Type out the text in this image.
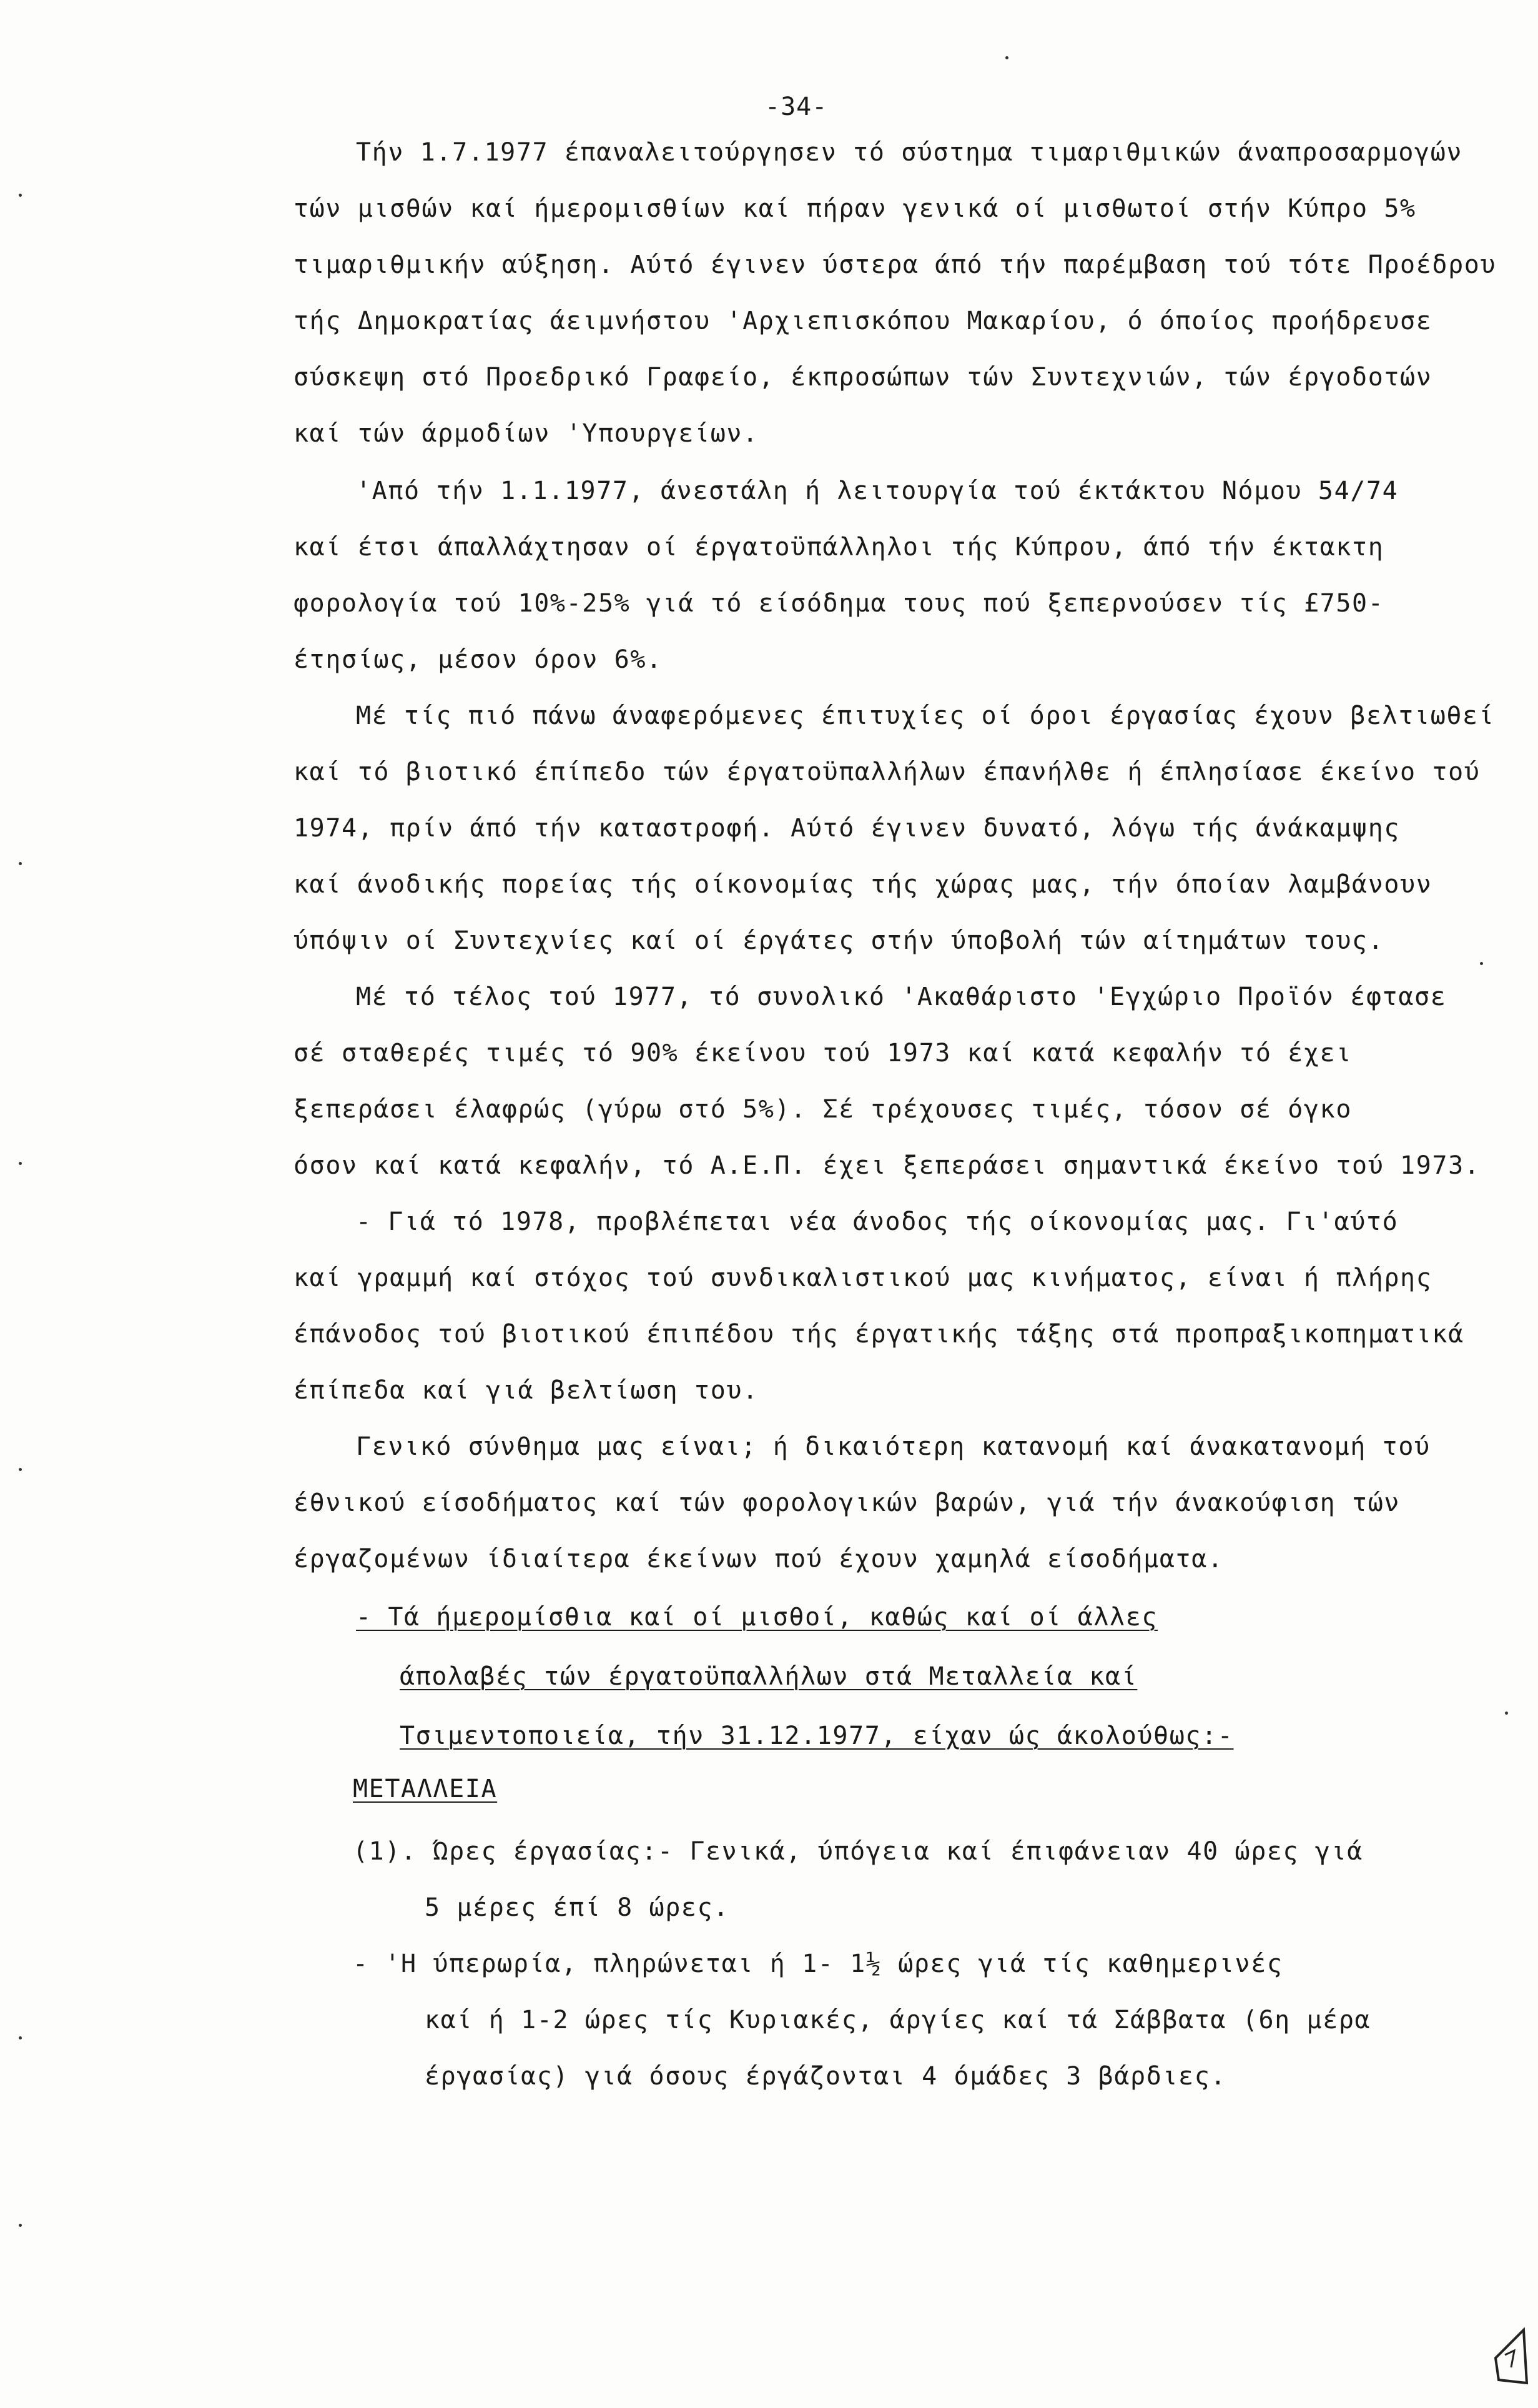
-34-
Τήν 1.7.1977 έπαναλειτούργησεν τό σύστημα τιμαριθμικών άναπροσαρμογών
τών μισθών καί ήμερομισθίων καί πήραν γενικά οί μισθωτοί στήν Κύπρο 5%
τιμαριθμικήν αύξηση. Αύτό έγινεν ύστερα άπό τήν παρέμβαση τού τότε Προέδρου
τής Δημοκρατίας άειμνήστου 'Αρχιεπισκόπου Μακαρίου, ό όποίος προήδρευσε
σύσκεψη στό Προεδρικό Γραφείο, έκπροσώπων τών Συντεχνιών, τών έργοδοτών
καί τών άρμοδίων 'Υπουργείων.
'Από τήν 1.1.1977, άνεστάλη ή λειτουργία τού έκτάκτου Νόμου 54/74
καί έτσι άπαλλάχτησαν οί έργατοϋπάλληλοι τής Κύπρου, άπό τήν έκτακτη
φορολογία τού 10%-25% γιά τό είσόδημα τους πού ξεπερνούσεν τίς £750-
έτησίως, μέσον όρον 6%.
Μέ τίς πιό πάνω άναφερόμενες έπιτυχίες οί όροι έργασίας έχουν βελτιωθεί
καί τό βιοτικό έπίπεδο τών έργατοϋπαλλήλων έπανήλθε ή έπλησίασε έκείνο τού
1974, πρίν άπό τήν καταστροφή. Αύτό έγινεν δυνατό, λόγω τής άνάκαμψης
καί άνοδικής πορείας τής οίκονομίας τής χώρας μας, τήν όποίαν λαμβάνουν
ύπόψιν οί Συντεχνίες καί οί έργάτες στήν ύποβολή τών αίτημάτων τους.
Μέ τό τέλος τού 1977, τό συνολικό 'Ακαθάριστο 'Εγχώριο Προϊόν έφτασε
σέ σταθερές τιμές τό 90% έκείνου τού 1973 καί κατά κεφαλήν τό έχει
ξεπεράσει έλαφρώς (γύρω στό 5%). Σέ τρέχουσες τιμές, τόσον σέ όγκο
όσον καί κατά κεφαλήν, τό Α.Ε.Π. έχει ξεπεράσει σημαντικά έκείνο τού 1973.
- Γιά τό 1978, προβλέπεται νέα άνοδος τής οίκονομίας μας. Γι'αύτό
καί γραμμή καί στόχος τού συνδικαλιστικού μας κινήματος, είναι ή πλήρης
έπάνοδος τού βιοτικού έπιπέδου τής έργατικής τάξης στά προπραξικοπηματικά
έπίπεδα καί γιά βελτίωση του.
Γενικό σύνθημα μας είναι; ή δικαιότερη κατανομή καί άνακατανομή τού
έθνικού είσοδήματος καί τών φορολογικών βαρών, γιά τήν άνακούφιση τών
έργαζομένων ίδιαίτερα έκείνων πού έχουν χαμηλά είσοδήματα.
- Τά ήμερομίσθια καί οί μισθοί, καθώς καί οί άλλες
άπολαβές τών έργατοϋπαλλήλων στά Μεταλλεία καί
Τσιμεντοποιεία, τήν 31.12.1977, είχαν ώς άκολούθως:-
ΜΕΤΑΛΛΕΙΑ
(1). Ώρες έργασίας:- Γενικά, ύπόγεια καί έπιφάνειαν 40 ώρες γιά
5 μέρες έπί 8 ώρες.
- 'Η ύπερωρία, πληρώνεται ή 1- 1½ ώρες γιά τίς καθημερινές
καί ή 1-2 ώρες τίς Κυριακές, άργίες καί τά Σάββατα (6η μέρα
έργασίας) γιά όσους έργάζονται 4 όμάδες 3 βάρδιες.
